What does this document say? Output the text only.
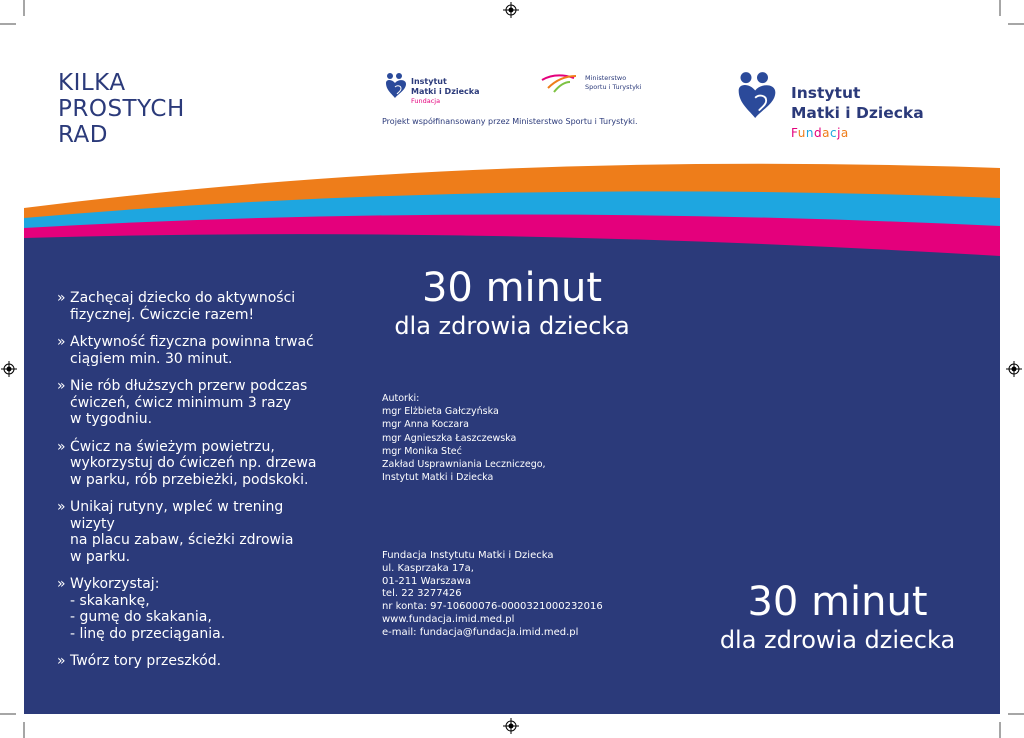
KILKA
PROSTYCH
RAD
» Zachęcaj dziecko do aktywności
fizycznej. Ćwiczcie razem!
» Aktywność fizyczna powinna trwać
ciągiem min. 30 minut.
» Nie rób dłuższych przerw podczas
ćwiczeń, ćwicz minimum 3 razy
w tygodniu.
» Ćwicz na świeżym powietrzu,
wykorzystuj do ćwiczeń np. drzewa
w parku, rób przebieżki, podskoki.
» Unikaj rutyny, wpleć w trening wizyty
na placu zabaw, ścieżki zdrowia
w parku.
» Wykorzystaj:
- skakankę,
- gumę do skakania,
- linę do przeciągania.
» Twórz tory przeszkód.
Instytut
Matki i Dziecka
Fundacja
Ministerstwo
Sportu i Turystyki
Projekt współfinansowany przez Ministerstwo Sportu i Turystyki.
30 minut
dla zdrowia dziecka
Autorki:
mgr Elżbieta Gałczyńska
mgr Anna Koczara
mgr Agnieszka Łaszczewska
mgr Monika Steć
Zakład Usprawniania Leczniczego,
Instytut Matki i Dziecka
Fundacja Instytutu Matki i Dziecka
ul. Kasprzaka 17a,
01-211 Warszawa
tel. 22 3277426
nr konta: 97-10600076-0000321000232016
www.fundacja.imid.med.pl
e-mail: fundacja@fundacja.imid.med.pl
Instytut
Matki i Dziecka
Fundacja
30 minut
dla zdrowia dziecka
